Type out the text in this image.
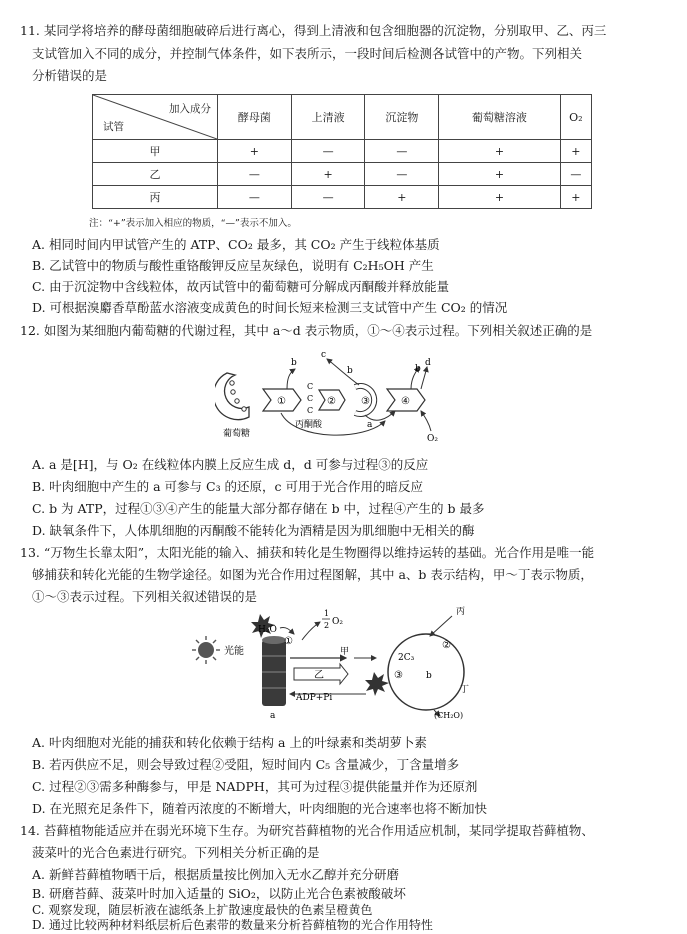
11. 某同学将培养的酵母菌细胞破碎后进行离心，得到上清液和包含细胞器的沉淀物，分别取甲、乙、丙三
支试管加入不同的成分，并控制气体条件，如下表所示，一段时间后检测各试管中的产物。下列相关
分析错误的是
加入成分
试管	酵母菌	上清液	沉淀物	葡萄糖溶液	O₂
甲	+	—	—	+	+
乙	—	+	—	+	—
丙	—	—	+	+	+
注：“+”表示加入相应的物质，“—”表示不加入。
A. 相同时间内甲试管产生的 ATP、CO₂ 最多，其 CO₂ 产生于线粒体基质
B. 乙试管中的物质与酸性重铬酸钾反应呈灰绿色，说明有 C₂H₅OH 产生
C. 由于沉淀物中含线粒体，故丙试管中的葡萄糖可分解成丙酮酸并释放能量
D. 可根据溴麝香草酚蓝水溶液变成黄色的时间长短来检测三支试管中产生 CO₂ 的情况
12. 如图为某细胞内葡萄糖的代谢过程，其中 a～d 表示物质，①～④表示过程。下列相关叙述正确的是
葡萄糖
①
b
C
C
C
丙酮酸
②	③
c
b
④
b
d
a
O₂
A. a 是[H]，与 O₂ 在线粒体内膜上反应生成 d，d 可参与过程③的反应
B. 叶肉细胞中产生的 a 可参与 C₃ 的还原，c 可用于光合作用的暗反应
C. b 为 ATP，过程①③④产生的能量大部分都存储在 b 中，过程④产生的 b 最多
D. 缺氧条件下，人体肌细胞的丙酮酸不能转化为酒精是因为肌细胞中无相关的酶
13. “万物生长靠太阳”，太阳光能的输入、捕获和转化是生物圈得以维持运转的基础。光合作用是唯一能
够捕获和转化光能的生物学途径。如图为光合作用过程图解，其中 a、b 表示结构，甲～丁表示物质，
①～③表示过程。下列相关叙述错误的是
光能
a
H₂O
①
1
2 O₂
甲
乙
ADP+Pi
2C₃
③	b
②
丁
丙
(CH₂O)
A. 叶肉细胞对光能的捕获和转化依赖于结构 a 上的叶绿素和类胡萝卜素
B. 若丙供应不足，则会导致过程②受阻，短时间内 C₅ 含量减少，丁含量增多
C. 过程②③需多种酶参与，甲是 NADPH，其可为过程③提供能量并作为还原剂
D. 在光照充足条件下，随着丙浓度的不断增大，叶肉细胞的光合速率也将不断加快
14. 苔藓植物能适应并在弱光环境下生存。为研究苔藓植物的光合作用适应机制，某同学提取苔藓植物、
菠菜叶的光合色素进行研究。下列相关分析正确的是
A. 新鲜苔藓植物晒干后，根据质量按比例加入无水乙醇并充分研磨
B. 研磨苔藓、菠菜叶时加入适量的 SiO₂，以防止光合色素被酸破坏
C. 观察发现，随层析液在滤纸条上扩散速度最快的色素呈橙黄色
D. 通过比较两种材料纸层析后色素带的数量来分析苔藓植物的光合作用特性
